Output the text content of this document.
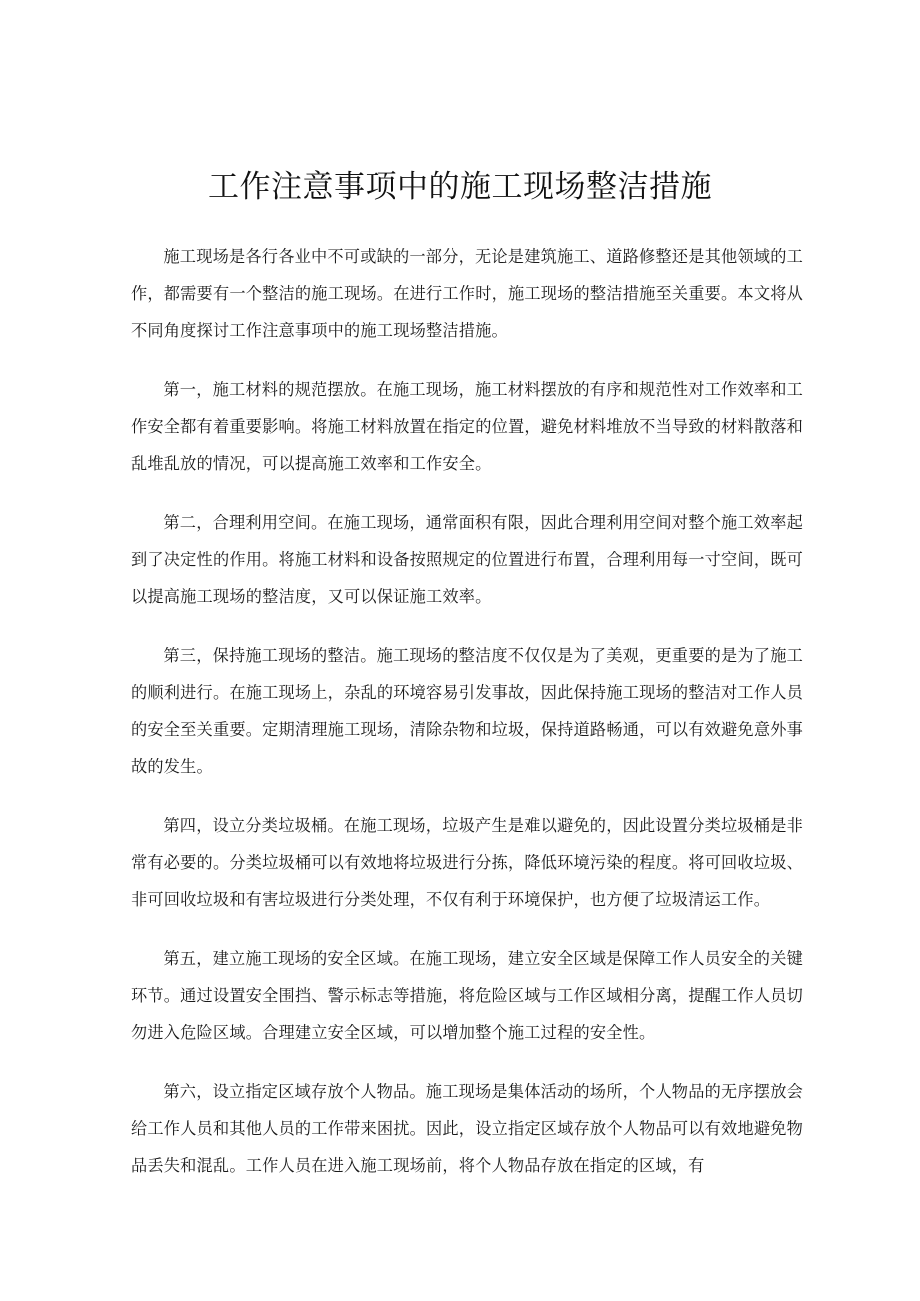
工作注意事项中的施工现场整洁措施

施工现场是各行各业中不可或缺的一部分，无论是建筑施工、道路修整还是其他领域的工作，都需要有一个整洁的施工现场。在进行工作时，施工现场的整洁措施至关重要。本文将从不同角度探讨工作注意事项中的施工现场整洁措施。

第一，施工材料的规范摆放。在施工现场，施工材料摆放的有序和规范性对工作效率和工作安全都有着重要影响。将施工材料放置在指定的位置，避免材料堆放不当导致的材料散落和乱堆乱放的情况，可以提高施工效率和工作安全。

第二，合理利用空间。在施工现场，通常面积有限，因此合理利用空间对整个施工效率起到了决定性的作用。将施工材料和设备按照规定的位置进行布置，合理利用每一寸空间，既可以提高施工现场的整洁度，又可以保证施工效率。

第三，保持施工现场的整洁。施工现场的整洁度不仅仅是为了美观，更重要的是为了施工的顺利进行。在施工现场上，杂乱的环境容易引发事故，因此保持施工现场的整洁对工作人员的安全至关重要。定期清理施工现场，清除杂物和垃圾，保持道路畅通，可以有效避免意外事故的发生。

第四，设立分类垃圾桶。在施工现场，垃圾产生是难以避免的，因此设置分类垃圾桶是非常有必要的。分类垃圾桶可以有效地将垃圾进行分拣，降低环境污染的程度。将可回收垃圾、非可回收垃圾和有害垃圾进行分类处理，不仅有利于环境保护，也方便了垃圾清运工作。

第五，建立施工现场的安全区域。在施工现场，建立安全区域是保障工作人员安全的关键环节。通过设置安全围挡、警示标志等措施，将危险区域与工作区域相分离，提醒工作人员切勿进入危险区域。合理建立安全区域，可以增加整个施工过程的安全性。

第六，设立指定区域存放个人物品。施工现场是集体活动的场所，个人物品的无序摆放会给工作人员和其他人员的工作带来困扰。因此，设立指定区域存放个人物品可以有效地避免物品丢失和混乱。工作人员在进入施工现场前，将个人物品存放在指定的区域，有
